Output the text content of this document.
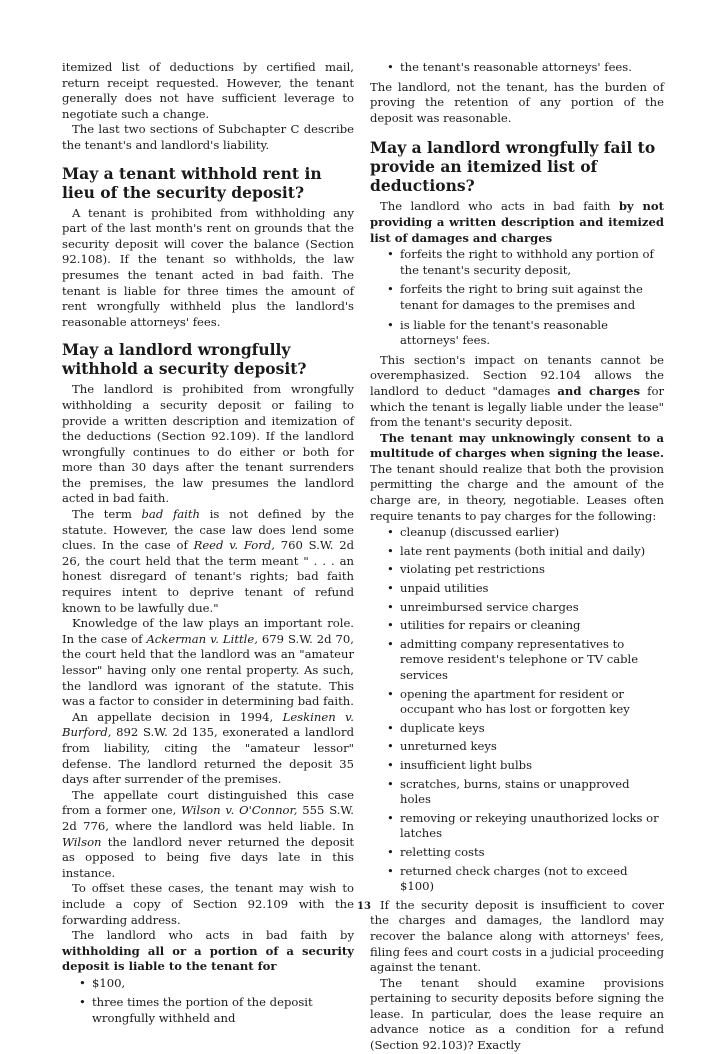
itemized list of deductions by certified mail, return receipt requested. However, the tenant generally does not have sufficient leverage to negotiate such a change.

The last two sections of Subchapter C describe the tenant's and landlord's liability.

May a tenant withhold rent in lieu of the security deposit?

A tenant is prohibited from withholding any part of the last month's rent on grounds that the security deposit will cover the balance (Section 92.108). If the tenant so withholds, the law presumes the tenant acted in bad faith. The tenant is liable for three times the amount of rent wrongfully withheld plus the landlord's reasonable attorneys' fees.

May a landlord wrongfully withhold a security deposit?

The landlord is prohibited from wrongfully withholding a security deposit or failing to provide a written description and itemization of the deductions (Section 92.109). If the landlord wrongfully continues to do either or both for more than 30 days after the tenant surrenders the premises, the law presumes the landlord acted in bad faith.

The term bad faith is not defined by the statute. However, the case law does lend some clues. In the case of Reed v. Ford, 760 S.W. 2d 26, the court held that the term meant " . . . an honest disregard of tenant's rights; bad faith requires intent to deprive tenant of refund known to be lawfully due."

Knowledge of the law plays an important role. In the case of Ackerman v. Little, 679 S.W. 2d 70, the court held that the landlord was an "amateur lessor" having only one rental property. As such, the landlord was ignorant of the statute. This was a factor to consider in determining bad faith.

An appellate decision in 1994, Leskinen v. Burford, 892 S.W. 2d 135, exonerated a landlord from liability, citing the "amateur lessor" defense. The landlord returned the deposit 35 days after surrender of the premises.

The appellate court distinguished this case from a former one, Wilson v. O'Connor, 555 S.W. 2d 776, where the landlord was held liable. In Wilson the landlord never returned the deposit as opposed to being five days late in this instance.

To offset these cases, the tenant may wish to include a copy of Section 92.109 with the forwarding address.

The landlord who acts in bad faith by withholding all or a portion of a security deposit is liable to the tenant for

• $100,
• three times the portion of the deposit wrongfully withheld and
• the tenant's reasonable attorneys' fees.

The landlord, not the tenant, has the burden of proving the retention of any portion of the deposit was reasonable.

May a landlord wrongfully fail to provide an itemized list of deductions?

The landlord who acts in bad faith by not providing a written description and itemized list of damages and charges

• forfeits the right to withhold any portion of the tenant's security deposit,
• forfeits the right to bring suit against the tenant for damages to the premises and
• is liable for the tenant's reasonable attorneys' fees.

This section's impact on tenants cannot be overemphasized. Section 92.104 allows the landlord to deduct "damages and charges for which the tenant is legally liable under the lease" from the tenant's security deposit.

The tenant may unknowingly consent to a multitude of charges when signing the lease. The tenant should realize that both the provision permitting the charge and the amount of the charge are, in theory, negotiable. Leases often require tenants to pay charges for the following:

• cleanup (discussed earlier)
• late rent payments (both initial and daily)
• violating pet restrictions
• unpaid utilities
• unreimbursed service charges
• utilities for repairs or cleaning
• admitting company representatives to remove resident's telephone or TV cable services
• opening the apartment for resident or occupant who has lost or forgotten key
• duplicate keys
• unreturned keys
• insufficient light bulbs
• scratches, burns, stains or unapproved holes
• removing or rekeying unauthorized locks or latches
• reletting costs
• returned check charges (not to exceed $100)

If the security deposit is insufficient to cover the charges and damages, the landlord may recover the balance along with attorneys' fees, filing fees and court costs in a judicial proceeding against the tenant.

The tenant should examine provisions pertaining to security deposits before signing the lease. In particular, does the lease require an advance notice as a condition for a refund (Section 92.103)? Exactly

13
